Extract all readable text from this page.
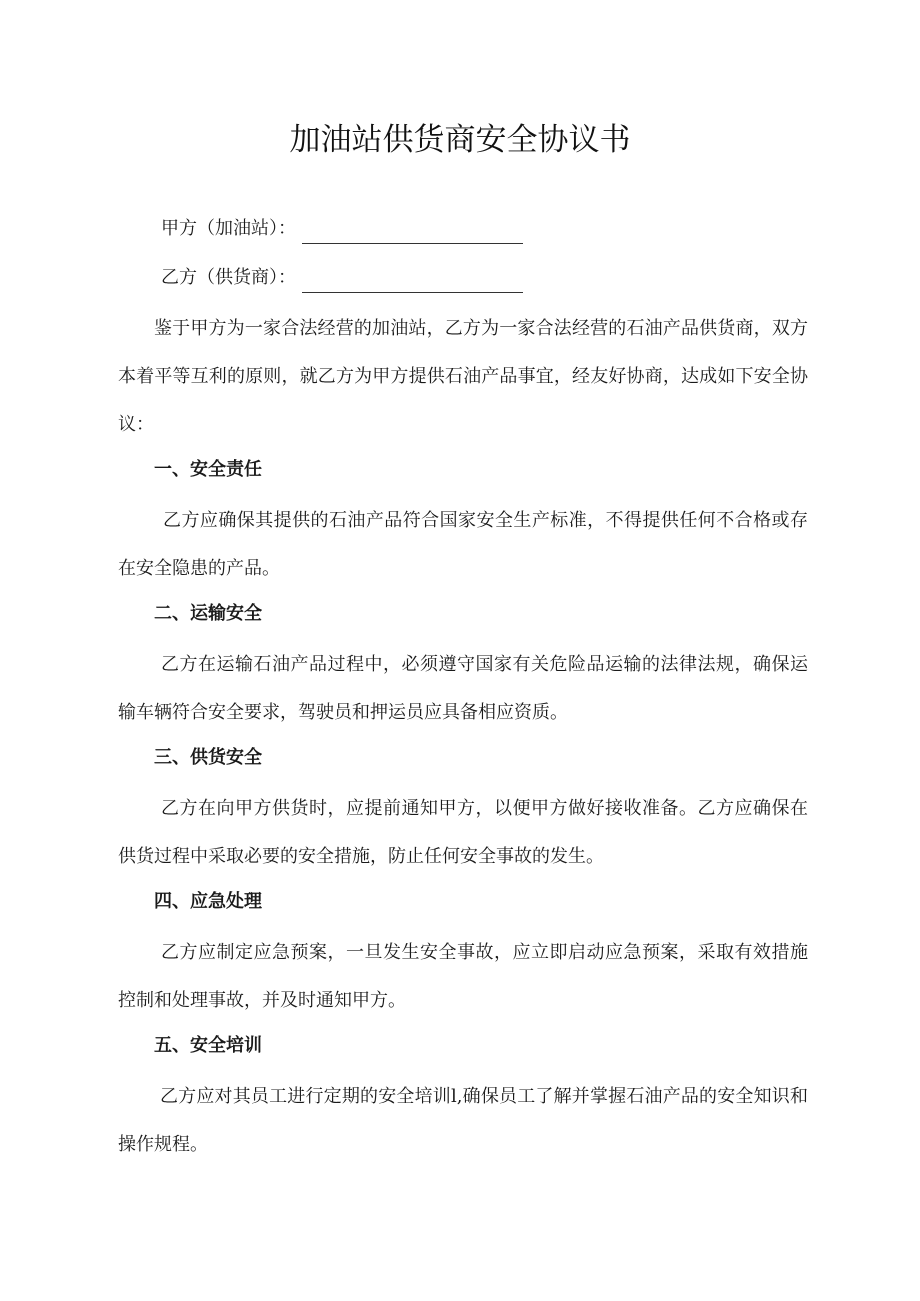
加油站供货商安全协议书
甲方（加油站）：
乙方（供货商）：

鉴于甲方为一家合法经营的加油站，乙方为一家合法经营的石油产品供货商，双方本着平等互利的原则，就乙方为甲方提供石油产品事宜，经友好协商，达成如下安全协议：

一、安全责任

乙方应确保其提供的石油产品符合国家安全生产标准，不得提供任何不合格或存在安全隐患的产品。

二、运输安全

乙方在运输石油产品过程中，必须遵守国家有关危险品运输的法律法规，确保运输车辆符合安全要求，驾驶员和押运员应具备相应资质。

三、供货安全

乙方在向甲方供货时，应提前通知甲方，以便甲方做好接收准备。乙方应确保在供货过程中采取必要的安全措施，防止任何安全事故的发生。

四、应急处理

乙方应制定应急预案，一旦发生安全事故，应立即启动应急预案，采取有效措施控制和处理事故，并及时通知甲方。

五、安全培训

乙方应对其员工进行定期的安全培训l,确保员工了解并掌握石油产品的安全知识和操作规程。
